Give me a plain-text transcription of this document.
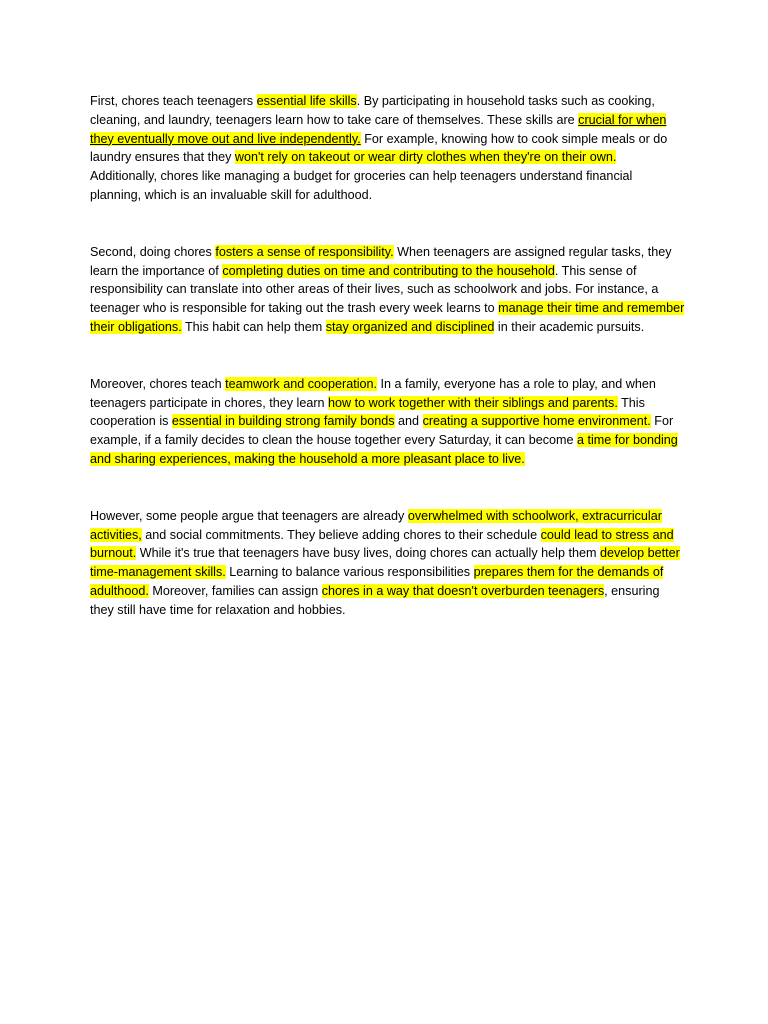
First, chores teach teenagers essential life skills. By participating in household tasks such as cooking, cleaning, and laundry, teenagers learn how to take care of themselves. These skills are crucial for when they eventually move out and live independently. For example, knowing how to cook simple meals or do laundry ensures that they won't rely on takeout or wear dirty clothes when they're on their own. Additionally, chores like managing a budget for groceries can help teenagers understand financial planning, which is an invaluable skill for adulthood.

Second, doing chores fosters a sense of responsibility. When teenagers are assigned regular tasks, they learn the importance of completing duties on time and contributing to the household. This sense of responsibility can translate into other areas of their lives, such as schoolwork and jobs. For instance, a teenager who is responsible for taking out the trash every week learns to manage their time and remember their obligations. This habit can help them stay organized and disciplined in their academic pursuits.

Moreover, chores teach teamwork and cooperation. In a family, everyone has a role to play, and when teenagers participate in chores, they learn how to work together with their siblings and parents. This cooperation is essential in building strong family bonds and creating a supportive home environment. For example, if a family decides to clean the house together every Saturday, it can become a time for bonding and sharing experiences, making the household a more pleasant place to live.

However, some people argue that teenagers are already overwhelmed with schoolwork, extracurricular activities, and social commitments. They believe adding chores to their schedule could lead to stress and burnout. While it's true that teenagers have busy lives, doing chores can actually help them develop better time-management skills. Learning to balance various responsibilities prepares them for the demands of adulthood. Moreover, families can assign chores in a way that doesn't overburden teenagers, ensuring they still have time for relaxation and hobbies.
